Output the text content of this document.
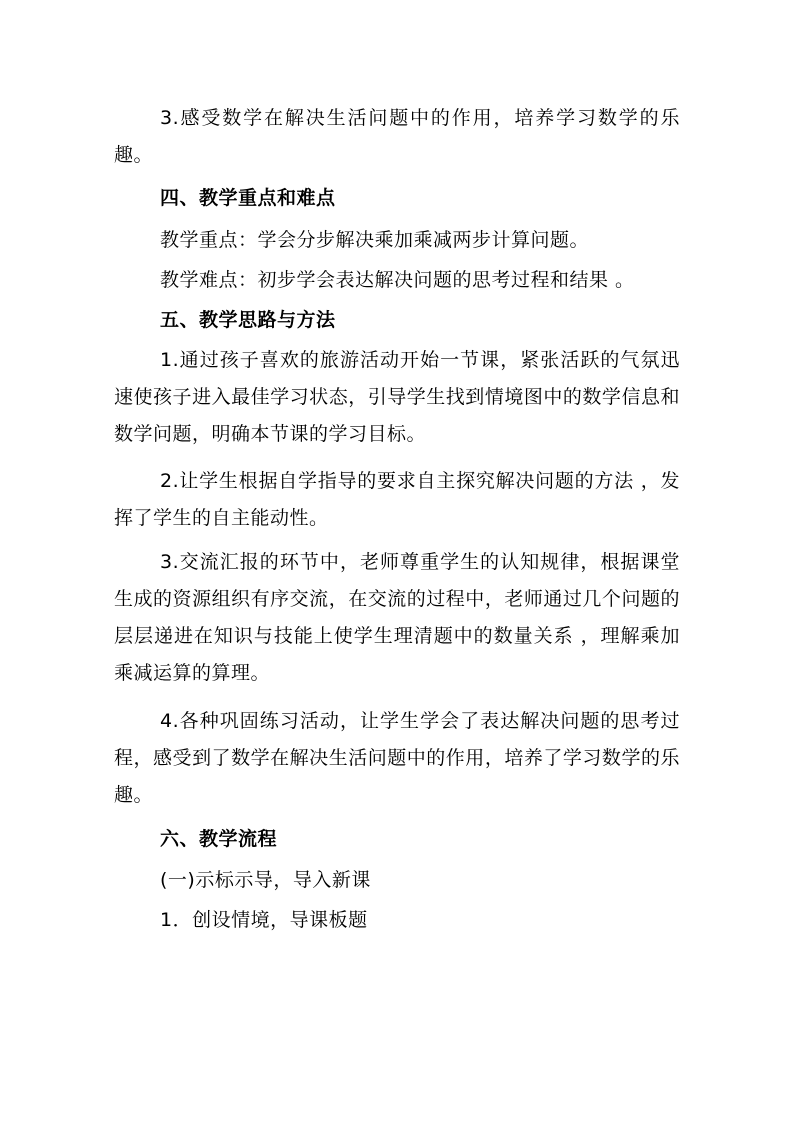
3.感受数学在解决生活问题中的作用，培养学习数学的乐趣。

四、教学重点和难点

教学重点：学会分步解决乘加乘减两步计算问题。

教学难点：初步学会表达解决问题的思考过程和结果 。

五、教学思路与方法

1.通过孩子喜欢的旅游活动开始一节课，紧张活跃的气氛迅速使孩子进入最佳学习状态，引导学生找到情境图中的数学信息和数学问题，明确本节课的学习目标。

2.让学生根据自学指导的要求自主探究解决问题的方法 ，发挥了学生的自主能动性。

3.交流汇报的环节中，老师尊重学生的认知规律，根据课堂生成的资源组织有序交流，在交流的过程中，老师通过几个问题的层层递进在知识与技能上使学生理清题中的数量关系 ，理解乘加乘减运算的算理。

4.各种巩固练习活动，让学生学会了表达解决问题的思考过程，感受到了数学在解决生活问题中的作用，培养了学习数学的乐趣。

六、教学流程

(一)示标示导，导入新课

1．创设情境，导课板题
